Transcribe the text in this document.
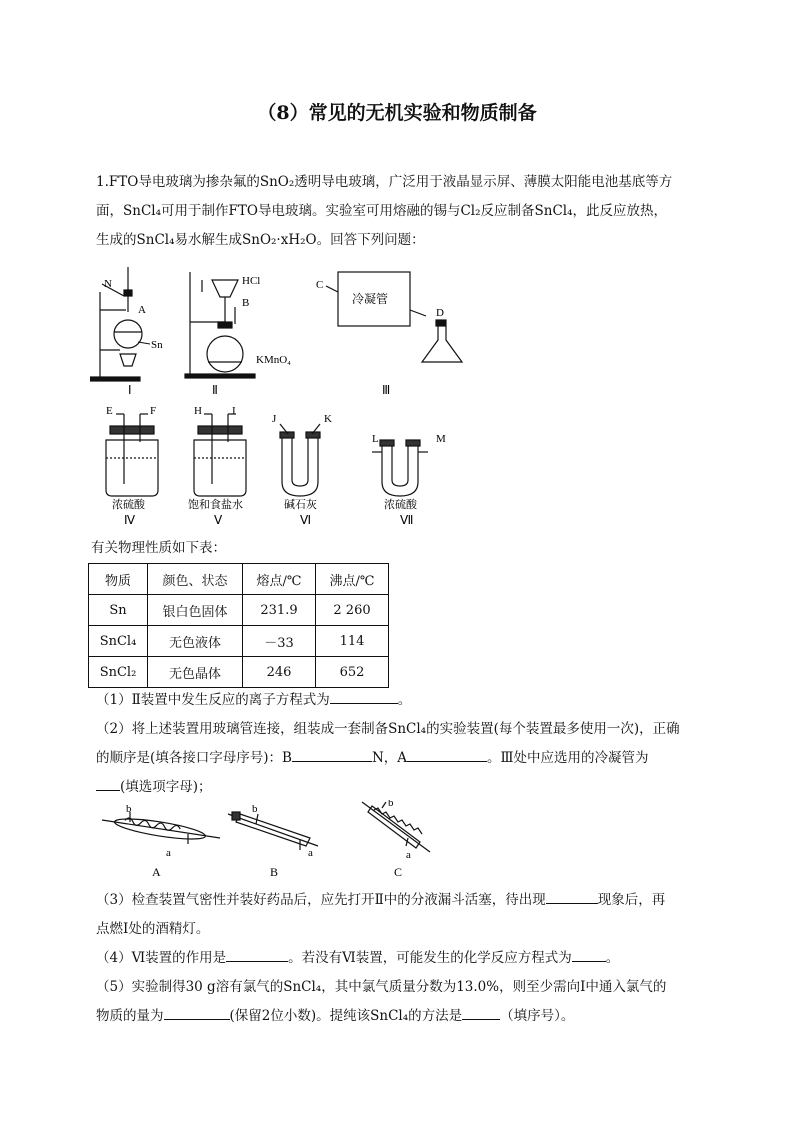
（8）常见的无机实验和物质制备
1.FTO导电玻璃为掺杂氟的SnO₂透明导电玻璃，广泛用于液晶显示屏、薄膜太阳能电池基底等方
面，SnCl₄可用于制作FTO导电玻璃。实验室可用熔融的锡与Cl₂反应制备SnCl₄，此反应放热，
生成的SnCl₄易水解生成SnO₂·xH₂O。回答下列问题：
N
A
Sn
Ⅰ
HCl
B
KMnO₄
Ⅱ
C
D
冷凝管
Ⅲ
E	F
浓硫酸
Ⅳ
H	I
饱和食盐水
Ⅴ
J	K
碱石灰
Ⅵ
L	M
浓硫酸
Ⅶ
有关物理性质如下表：
物质	颜色、状态	熔点/℃	沸点/℃
Sn	银白色固体	231.9	2 260
SnCl₄	无色液体	－33	114
SnCl₂	无色晶体	246	652
（1）Ⅱ装置中发生反应的离子方程式为	。
（2）将上述装置用玻璃管连接，组装成一套制备SnCl₄的实验装置(每个装置最多使用一次)，正确
的顺序是(填各接口字母序号)：B	N，A	。Ⅲ处中应选用的冷凝管为
(填选项字母)；
b
a
A
b
a
B
b
a
C
（3）检查装置气密性并装好药品后，应先打开Ⅱ中的分液漏斗活塞，待出现	现象后，再
点燃Ⅰ处的酒精灯。
（4）Ⅵ装置的作用是	。若没有Ⅵ装置，可能发生的化学反应方程式为	。
（5）实验制得30 g溶有氯气的SnCl₄，其中氯气质量分数为13.0%，则至少需向Ⅰ中通入氯气的
物质的量为	(保留2位小数)。提纯该SnCl₄的方法是	（填序号）。
